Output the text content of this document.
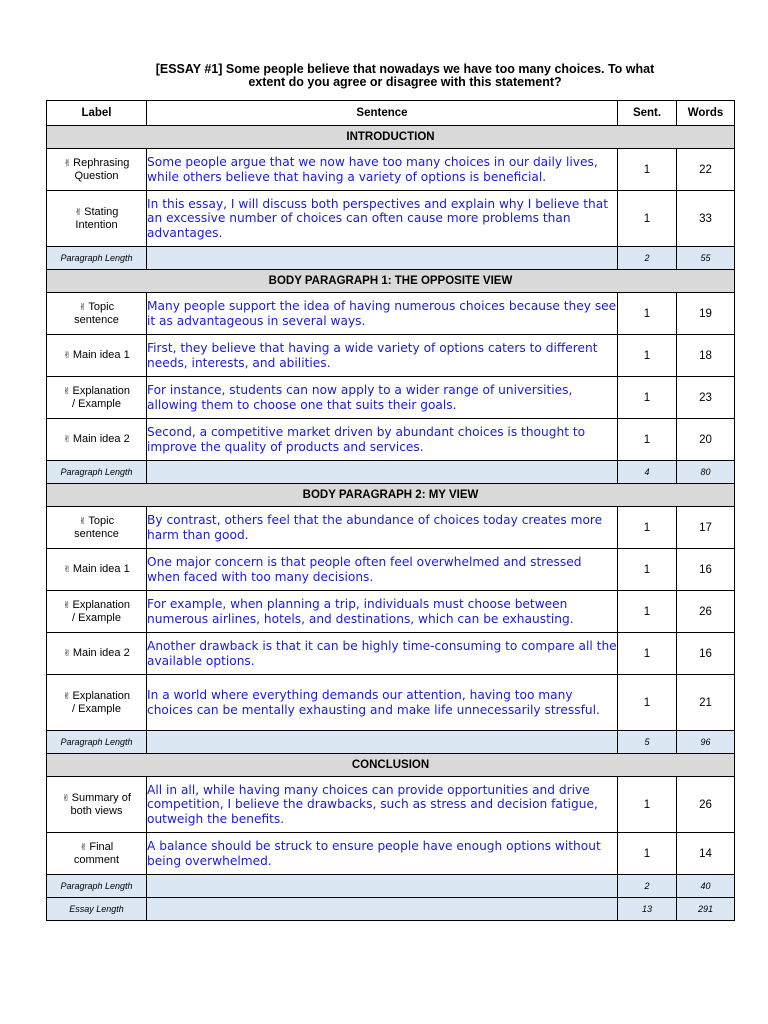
[ESSAY #1] Some people believe that nowadays we have too many choices. To what
extent do you agree or disagree with this statement?
Label	Sentence	Sent.	Words
INTRODUCTION			

✌ Rephrasing
Question	Some people argue that we now have too many choices in our daily lives, while others believe that having a variety of options is beneficial.	1	22

✌ Stating
Intention	In this essay, I will discuss both perspectives and explain why I believe that an excessive number of choices can often cause more problems than advantages.	1	33
Paragraph Length		2	55
BODY PARAGRAPH 1: THE OPPOSITE VIEW			

✌ Topic
sentence	Many people support the idea of having numerous choices because they see it as advantageous in several ways.	1	19

✌ Main idea 1	First, they believe that having a wide variety of options caters to different needs, interests, and abilities.	1	18

✌ Explanation
/ Example	For instance, students can now apply to a wider range of universities, allowing them to choose one that suits their goals.	1	23

✌ Main idea 2	Second, a competitive market driven by abundant choices is thought to improve the quality of products and services.	1	20
Paragraph Length		4	80
BODY PARAGRAPH 2: MY VIEW			

✌ Topic
sentence	By contrast, others feel that the abundance of choices today creates more harm than good.	1	17

✌ Main idea 1	One major concern is that people often feel overwhelmed and stressed when faced with too many decisions.	1	16

✌ Explanation
/ Example	For example, when planning a trip, individuals must choose between numerous airlines, hotels, and destinations, which can be exhausting.	1	26

✌ Main idea 2	Another drawback is that it can be highly time-consuming to compare all the available options.	1	16

✌ Explanation
/ Example	In a world where everything demands our attention, having too many choices can be mentally exhausting and make life unnecessarily stressful.	1	21
Paragraph Length		5	96
CONCLUSION			

✌ Summary of
both views	All in all, while having many choices can provide opportunities and drive competition, I believe the drawbacks, such as stress and decision fatigue, outweigh the benefits.	1	26

✌ Final
comment	A balance should be struck to ensure people have enough options without being overwhelmed.	1	14
Paragraph Length		2	40
Essay Length		13	291
